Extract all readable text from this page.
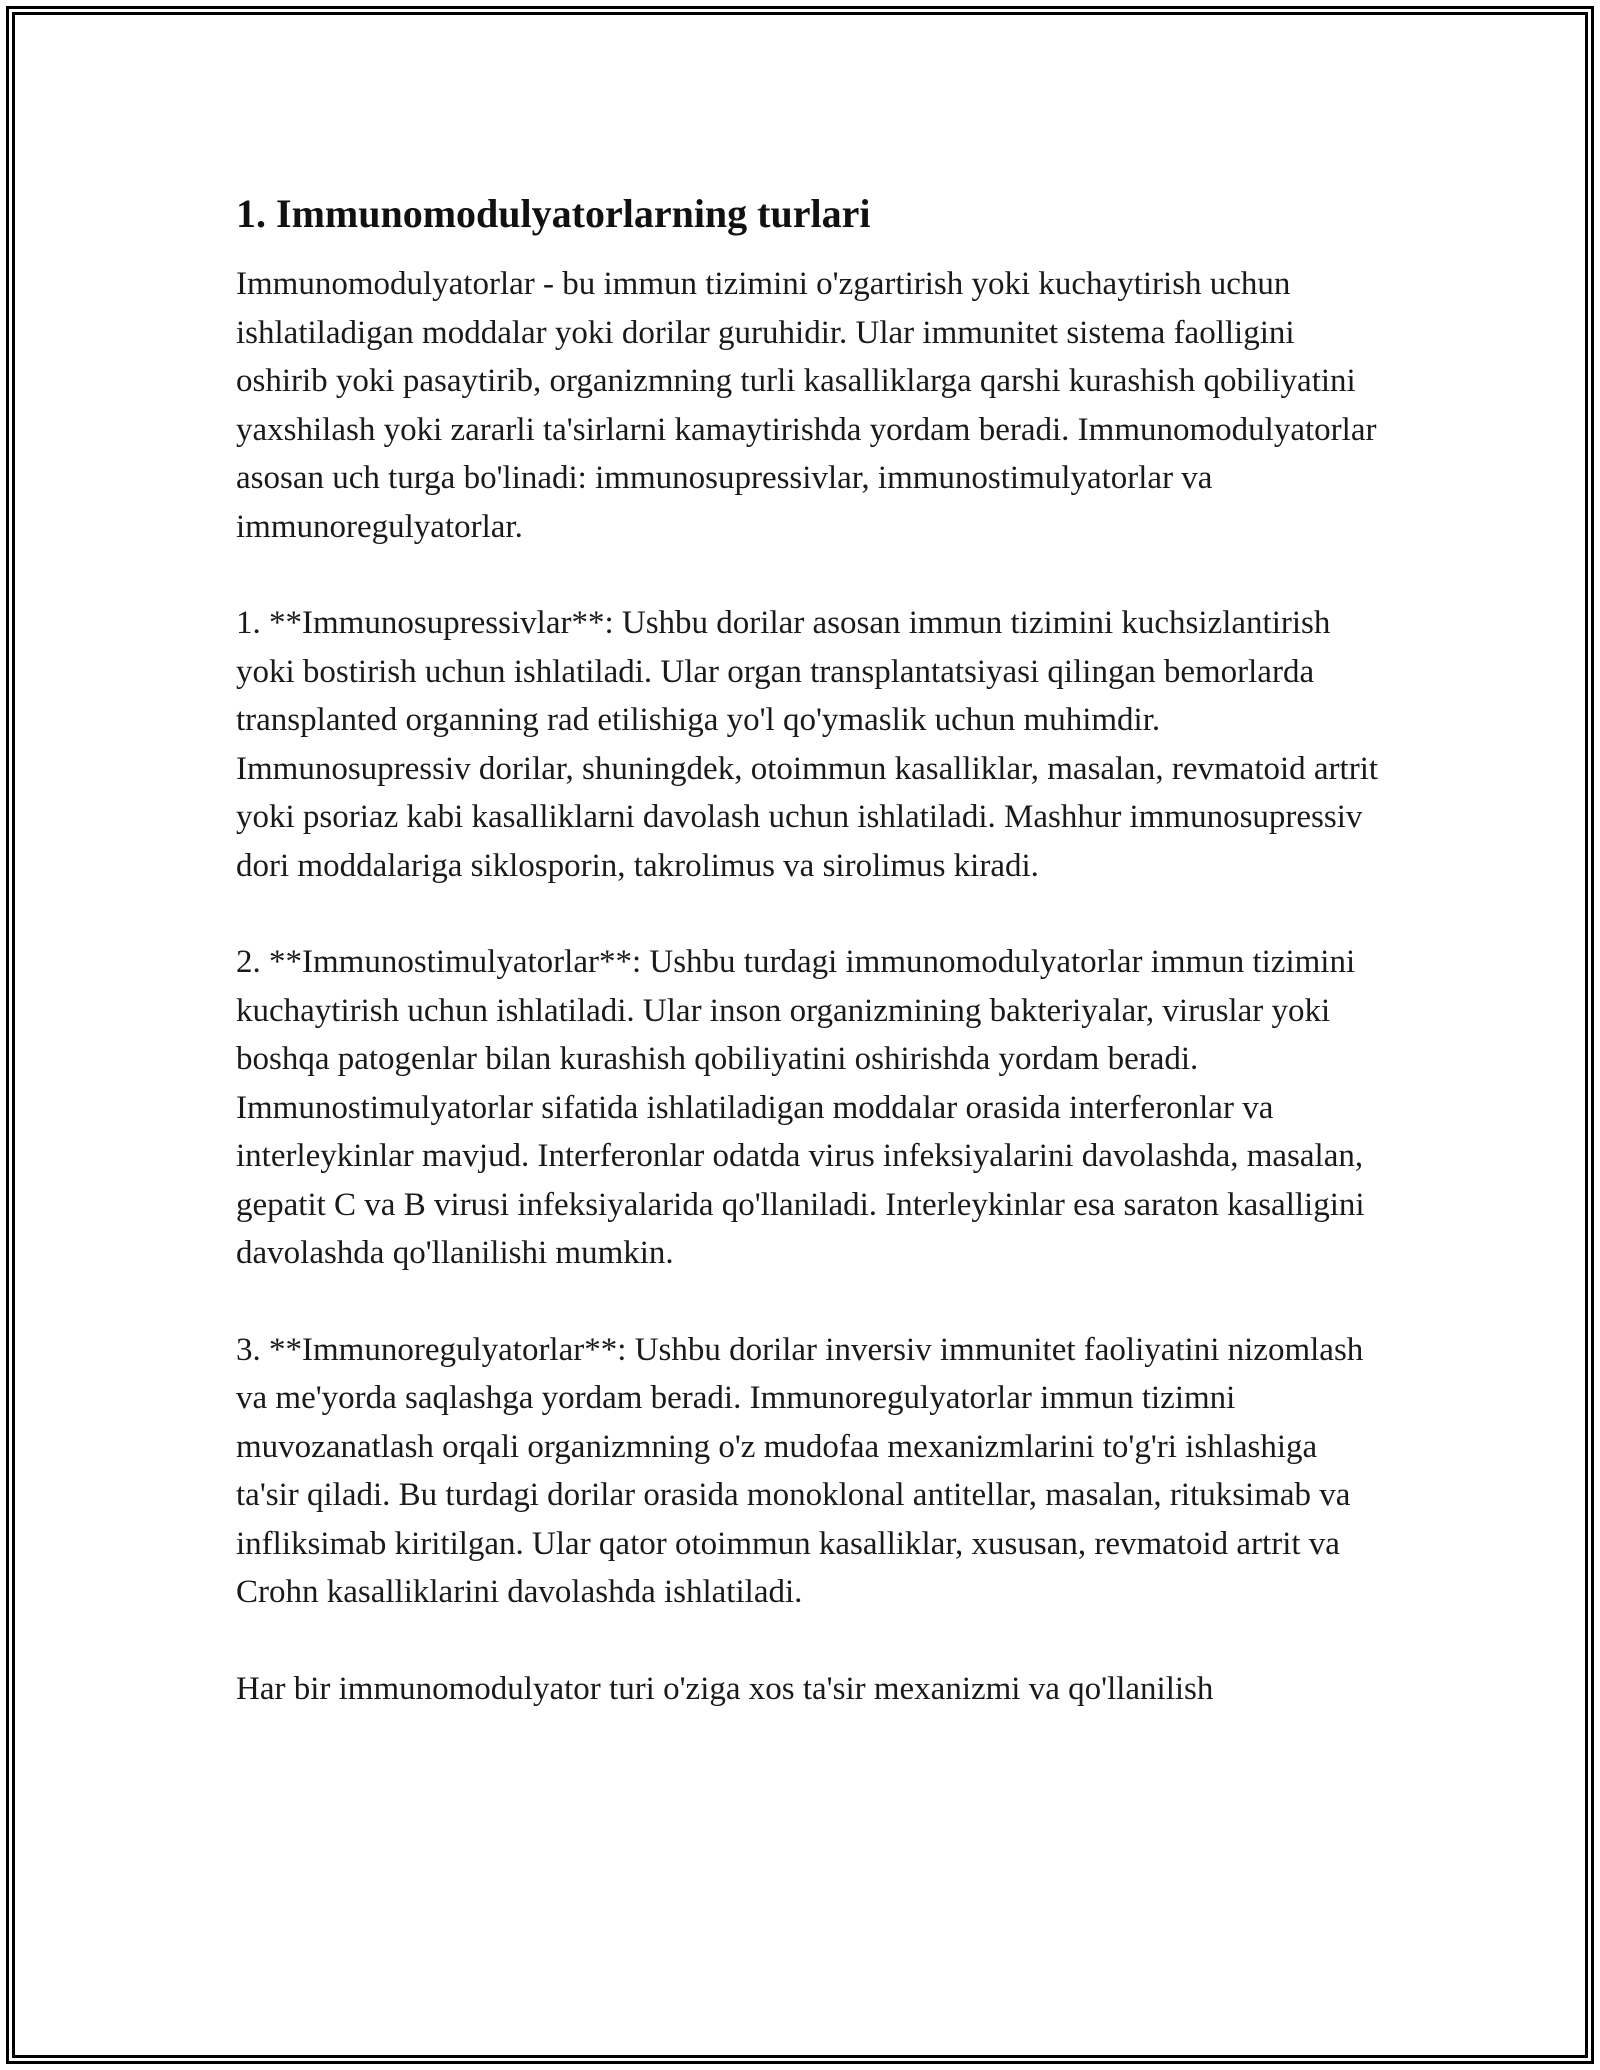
1. Immunomodulyatorlarning turlari

Immunomodulyatorlar - bu immun tizimini o'zgartirish yoki kuchaytirish uchun ishlatiladigan moddalar yoki dorilar guruhidir. Ular immunitet sistema faolligini oshirib yoki pasaytirib, organizmning turli kasalliklarga qarshi kurashish qobiliyatini yaxshilash yoki zararli ta'sirlarni kamaytirishda yordam beradi. Immunomodulyatorlar asosan uch turga bo'linadi: immunosupressivlar, immunostimulyatorlar va immunoregulyatorlar.

1. **Immunosupressivlar**: Ushbu dorilar asosan immun tizimini kuchsizlantirish yoki bostirish uchun ishlatiladi. Ular organ transplantatsiyasi qilingan bemorlarda transplanted organning rad etilishiga yo'l qo'ymaslik uchun muhimdir. Immunosupressiv dorilar, shuningdek, otoimmun kasalliklar, masalan, revmatoid artrit yoki psoriaz kabi kasalliklarni davolash uchun ishlatiladi. Mashhur immunosupressiv dori moddalariga siklosporin, takrolimus va sirolimus kiradi.

2. **Immunostimulyatorlar**: Ushbu turdagi immunomodulyatorlar immun tizimini kuchaytirish uchun ishlatiladi. Ular inson organizmining bakteriyalar, viruslar yoki boshqa patogenlar bilan kurashish qobiliyatini oshirishda yordam beradi. Immunostimulyatorlar sifatida ishlatiladigan moddalar orasida interferonlar va interleykinlar mavjud. Interferonlar odatda virus infeksiyalarini davolashda, masalan, gepatit C va B virusi infeksiyalarida qo'llaniladi. Interleykinlar esa saraton kasalligini davolashda qo'llanilishi mumkin.

3. **Immunoregulyatorlar**: Ushbu dorilar inversiv immunitet faoliyatini nizomlash va me'yorda saqlashga yordam beradi. Immunoregulyatorlar immun tizimni muvozanatlash orqali organizmning o'z mudofaa mexanizmlarini to'g'ri ishlashiga ta'sir qiladi. Bu turdagi dorilar orasida monoklonal antitellar, masalan, rituksimab va infliksimab kiritilgan. Ular qator otoimmun kasalliklar, xususan, revmatoid artrit va Crohn kasalliklarini davolashda ishlatiladi.

Har bir immunomodulyator turi o'ziga xos ta'sir mexanizmi va qo'llanilish
